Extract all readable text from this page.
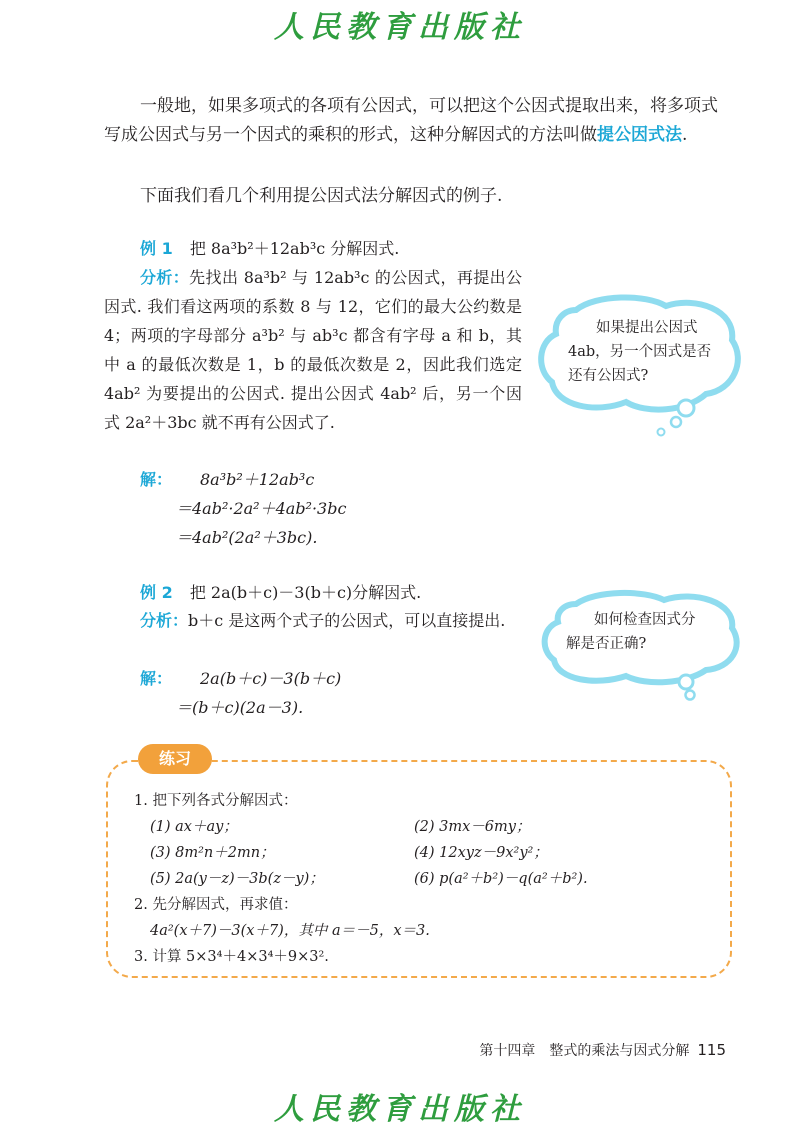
人民教育出版社
一般地，如果多项式的各项有公因式，可以把这个公因式提取出来，将多项式写成公因式与另一个因式的乘积的形式，这种分解因式的方法叫做提公因式法.
下面我们看几个利用提公因式法分解因式的例子.
例 1 把 8a³b²＋12ab³c 分解因式.
分析：先找出 8a³b² 与 12ab³c 的公因式，再提出公因式. 我们看这两项的系数 8 与 12，它们的最大公约数是 4；两项的字母部分 a³b² 与 ab³c 都含有字母 a 和 b，其中 a 的最低次数是 1，b 的最低次数是 2，因此我们选定 4ab² 为要提出的公因式. 提出公因式 4ab² 后，另一个因式 2a²＋3bc 就不再有公因式了.
解： 8a³b²＋12ab³c
＝4ab²·2a²＋4ab²·3bc
＝4ab²(2a²＋3bc).
如果提出公因式
4ab，另一个因式是否
还有公因式?
例 2 把 2a(b＋c)－3(b＋c)分解因式.
分析：b＋c 是这两个式子的公因式，可以直接提出.
解： 2a(b＋c)－3(b＋c)
＝(b＋c)(2a－3).
如何检查因式分
解是否正确?
练习
1. 把下列各式分解因式：
(1) ax＋ay；	(2) 3mx－6my；
(3) 8m²n＋2mn；	(4) 12xyz－9x²y²；
(5) 2a(y－z)－3b(z－y)；	(6) p(a²＋b²)－q(a²＋b²).
2. 先分解因式，再求值：
4a²(x＋7)－3(x＋7)，其中 a＝－5，x＝3.
3. 计算 5×3⁴＋4×3⁴＋9×3².
第十四章　整式的乘法与因式分解 115
人民教育出版社
